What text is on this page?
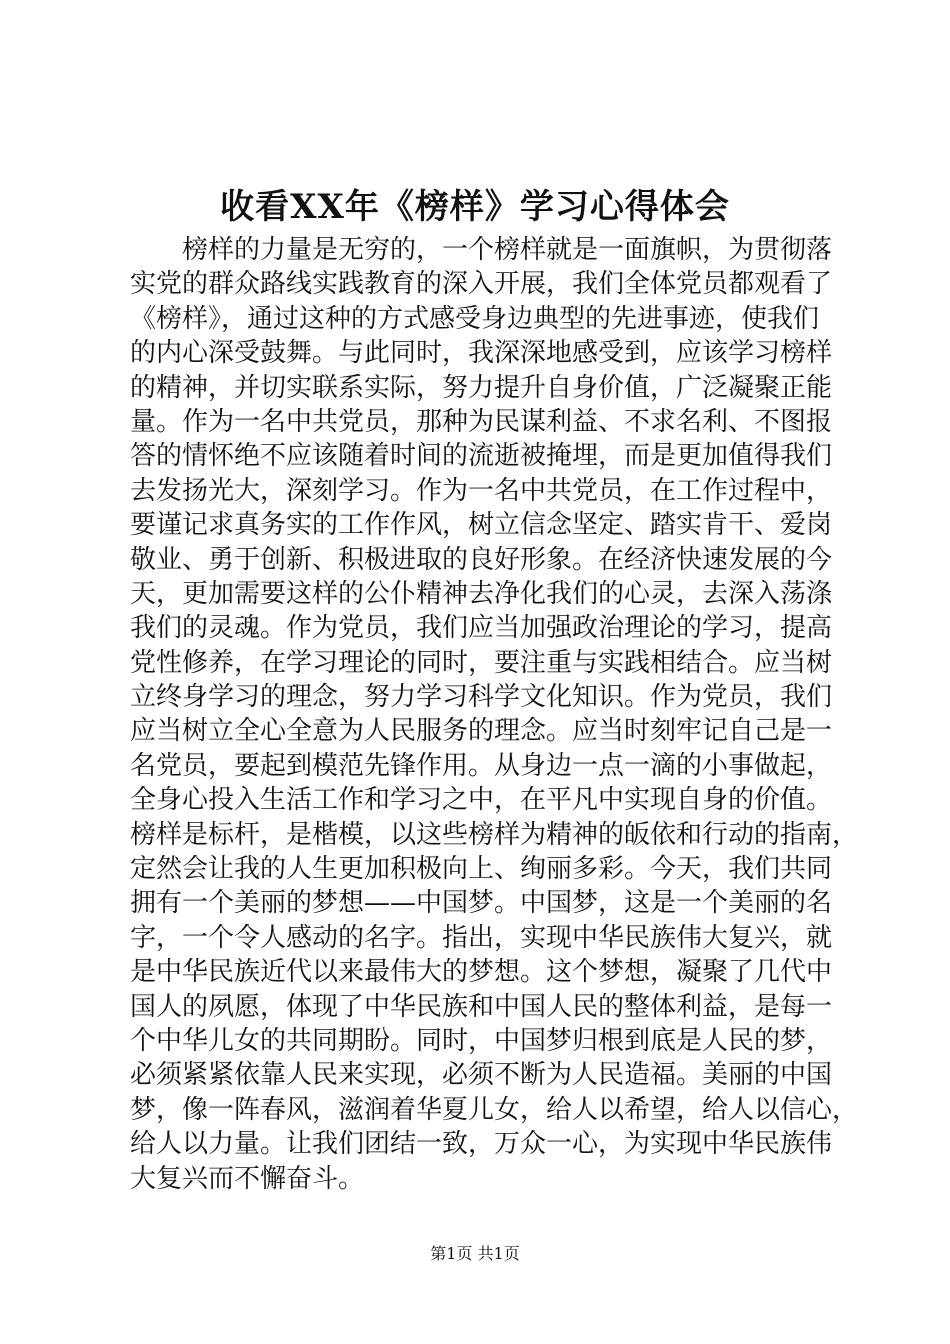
收看XX年《榜样》学习心得体会
　　榜样的力量是无穷的，一个榜样就是一面旗帜，为贯彻落
实党的群众路线实践教育的深入开展，我们全体党员都观看了
《榜样》，通过这种的方式感受身边典型的先进事迹，使我们
的内心深受鼓舞。与此同时，我深深地感受到，应该学习榜样
的精神，并切实联系实际，努力提升自身价值，广泛凝聚正能
量。作为一名中共党员，那种为民谋利益、不求名利、不图报
答的情怀绝不应该随着时间的流逝被掩埋，而是更加值得我们
去发扬光大，深刻学习。作为一名中共党员，在工作过程中，
要谨记求真务实的工作作风，树立信念坚定、踏实肯干、爱岗
敬业、勇于创新、积极进取的良好形象。在经济快速发展的今
天，更加需要这样的公仆精神去净化我们的心灵，去深入荡涤
我们的灵魂。作为党员，我们应当加强政治理论的学习，提高
党性修养，在学习理论的同时，要注重与实践相结合。应当树
立终身学习的理念，努力学习科学文化知识。作为党员，我们
应当树立全心全意为人民服务的理念。应当时刻牢记自己是一
名党员，要起到模范先锋作用。从身边一点一滴的小事做起，
全身心投入生活工作和学习之中，在平凡中实现自身的价值。
榜样是标杆，是楷模，以这些榜样为精神的皈依和行动的指南，
定然会让我的人生更加积极向上、绚丽多彩。今天，我们共同
拥有一个美丽的梦想——中国梦。中国梦，这是一个美丽的名
字，一个令人感动的名字。指出，实现中华民族伟大复兴，就
是中华民族近代以来最伟大的梦想。这个梦想，凝聚了几代中
国人的夙愿，体现了中华民族和中国人民的整体利益，是每一
个中华儿女的共同期盼。同时，中国梦归根到底是人民的梦，
必须紧紧依靠人民来实现，必须不断为人民造福。美丽的中国
梦，像一阵春风，滋润着华夏儿女，给人以希望，给人以信心，
给人以力量。让我们团结一致，万众一心，为实现中华民族伟
大复兴而不懈奋斗。
第1页 共1页
